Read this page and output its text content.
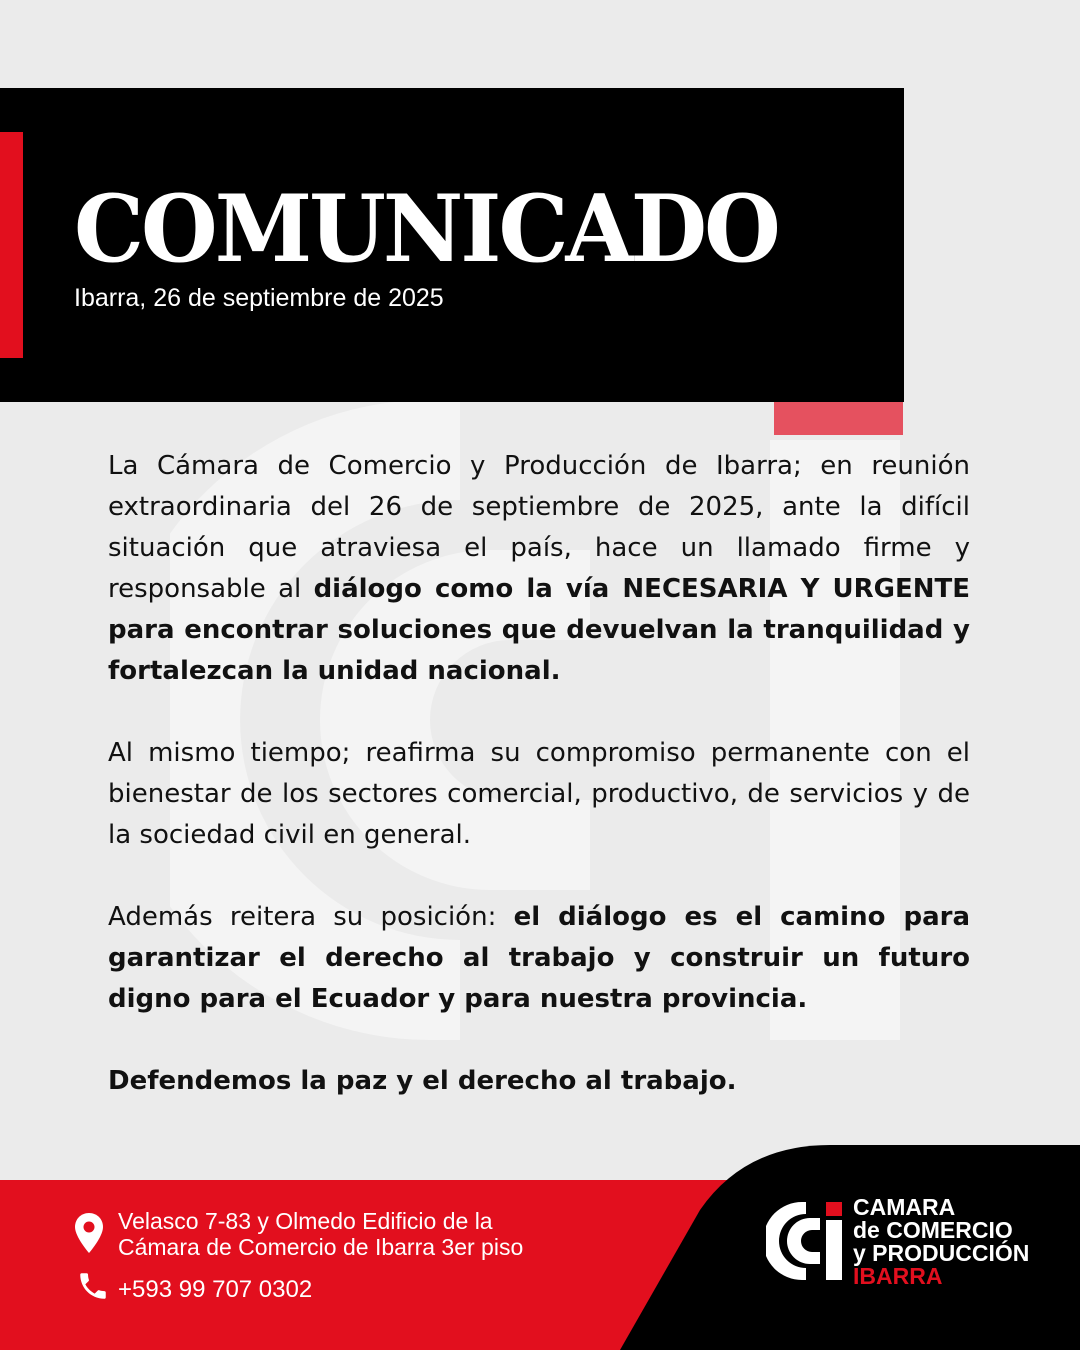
COMUNICADO
Ibarra, 26 de septiembre de 2025

La Cámara de Comercio y Producción de Ibarra; en reunión extraordinaria del 26 de septiembre de 2025, ante la difícil situación que atraviesa el país, hace un llamado firme y responsable al diálogo como la vía NECESARIA Y URGENTE para encontrar soluciones que devuelvan la tranquilidad y fortalezcan la unidad nacional.

Al mismo tiempo; reafirma su compromiso permanente con el bienestar de los sectores comercial, productivo, de servicios y de la sociedad civil en general.

Además reitera su posición: el diálogo es el camino para garantizar el derecho al trabajo y construir un futuro digno para el Ecuador y para nuestra provincia.

Defendemos la paz y el derecho al trabajo.

Velasco 7-83 y Olmedo Edificio de la
Cámara de Comercio de Ibarra 3er piso
+593 99 707 0302
CAMARA
de COMERCIO
y PRODUCCIÓN
IBARRA
